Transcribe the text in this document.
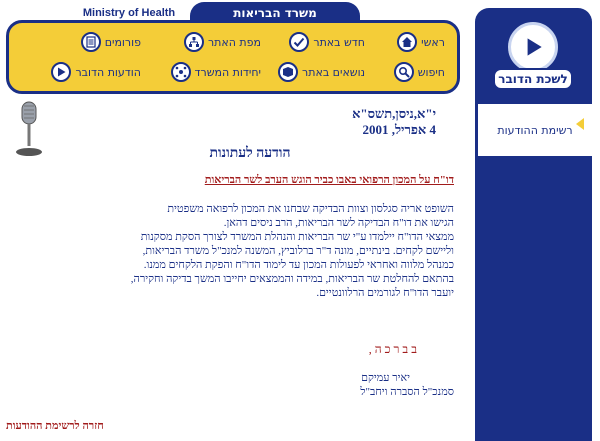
Ministry of Health	משרד הבריאות
ראשי
חדש באתר
מפת האתר
פורומים
חיפוש
נושאים באתר
יחידות המשרד
הודעות הדובר	לשכת הדובר
רשימת ההודעות
י"א,ניסן,תשס"א
4 אפריל, 2001
הודעה לעתונות
דו"ח על המכון הרפואי באבו כביר הוגש הערב לשר הבריאות
השופט אריה סגלסון וצוות הבדיקה שבחנו את המכון לרפואה משפטית
הגישו את דו"ח הבדיקה לשר הבריאות, הרב ניסים דהאן.
ממצאי הדו"ח יילמדו ע"י שר הבריאות והנהלת המשרד לצורך הסקת מסקנות
וליישם לקחים. בינתיים, מונה ד"ר ברלוביץ, המשנה למנכ"ל משרד הבריאות,
כמנהל מלווה ואחראי לפעולות המכון עד לימוד הדו"ח והפקת הלקחים ממנו.
בהתאם להחלטת שר הבריאות, במידה והממצאים יחייבו המשך בדיקה וחקירה,
יועבר הדו"ח לגורמים הרלוונטיים.
בברכה,
יאיר עמיקם
סמנכ"ל הסברה ויחב"ל
חזרה לרשימת ההודעות
